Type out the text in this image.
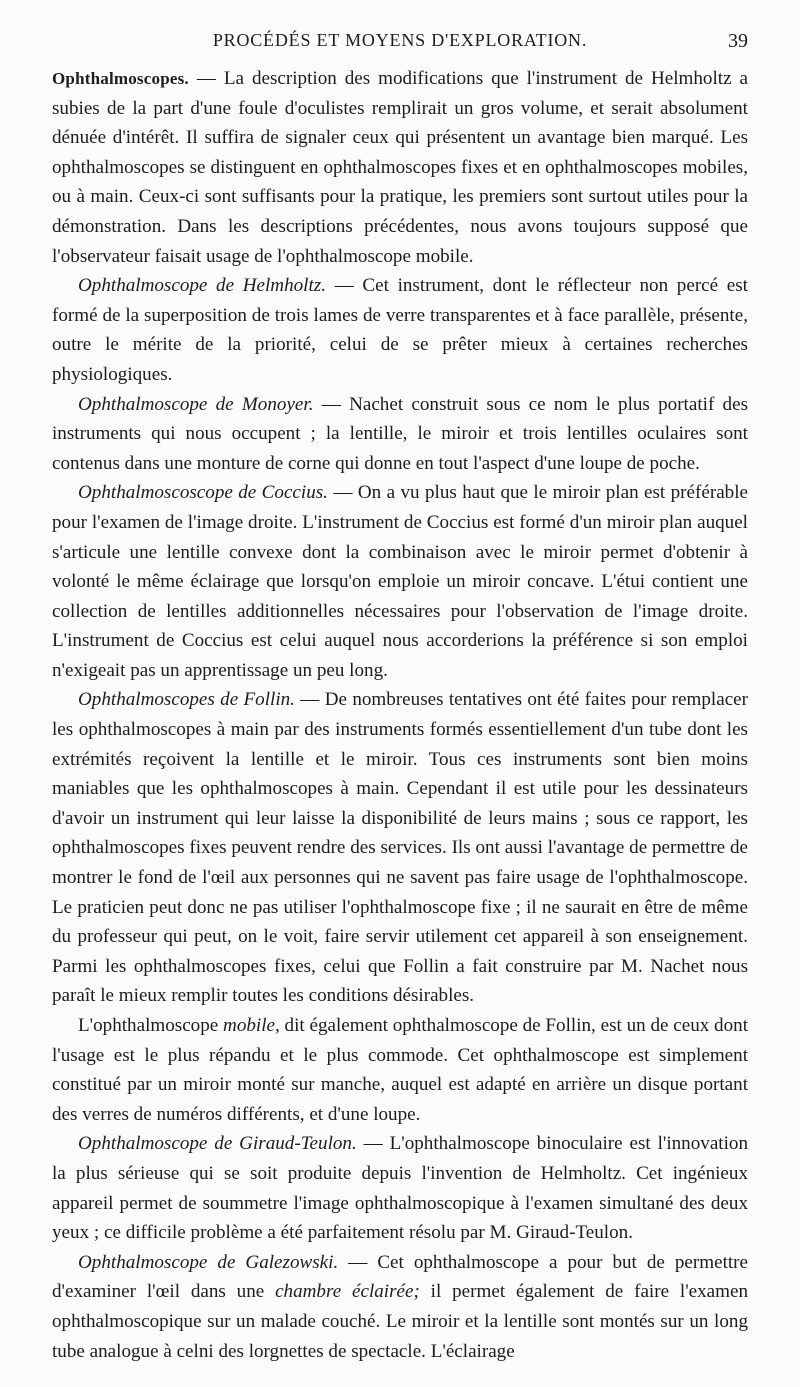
PROCÉDÉS ET MOYENS D'EXPLORATION.	39

Ophthalmoscopes. — La description des modifications que l'instrument de Helmholtz a subies de la part d'une foule d'oculistes remplirait un gros volume, et serait absolument dénuée d'intérêt. Il suffira de signaler ceux qui présentent un avantage bien marqué. Les ophthalmoscopes se distinguent en ophthalmoscopes fixes et en ophthalmoscopes mobiles, ou à main. Ceux-ci sont suffisants pour la pratique, les premiers sont surtout utiles pour la démonstration. Dans les descriptions précédentes, nous avons toujours supposé que l'observateur faisait usage de l'ophthalmoscope mobile.

Ophthalmoscope de Helmholtz. — Cet instrument, dont le réflecteur non percé est formé de la superposition de trois lames de verre transparentes et à face parallèle, présente, outre le mérite de la priorité, celui de se prêter mieux à certaines recherches physiologiques.

Ophthalmoscope de Monoyer. — Nachet construit sous ce nom le plus portatif des instruments qui nous occupent ; la lentille, le miroir et trois lentilles oculaires sont contenus dans une monture de corne qui donne en tout l'aspect d'une loupe de poche.

Ophthalmoscoscope de Coccius. — On a vu plus haut que le miroir plan est préférable pour l'examen de l'image droite. L'instrument de Coccius est formé d'un miroir plan auquel s'articule une lentille convexe dont la combinaison avec le miroir permet d'obtenir à volonté le même éclairage que lorsqu'on emploie un miroir concave. L'étui contient une collection de lentilles additionnelles nécessaires pour l'observation de l'image droite. L'instrument de Coccius est celui auquel nous accorderions la préférence si son emploi n'exigeait pas un apprentissage un peu long.

Ophthalmoscopes de Follin. — De nombreuses tentatives ont été faites pour remplacer les ophthalmoscopes à main par des instruments formés essentiellement d'un tube dont les extrémités reçoivent la lentille et le miroir. Tous ces instruments sont bien moins maniables que les ophthalmoscopes à main. Cependant il est utile pour les dessinateurs d'avoir un instrument qui leur laisse la disponibilité de leurs mains ; sous ce rapport, les ophthalmoscopes fixes peuvent rendre des services. Ils ont aussi l'avantage de permettre de montrer le fond de l'œil aux personnes qui ne savent pas faire usage de l'ophthalmoscope. Le praticien peut donc ne pas utiliser l'ophthalmoscope fixe ; il ne saurait en être de même du professeur qui peut, on le voit, faire servir utilement cet appareil à son enseignement. Parmi les ophthalmoscopes fixes, celui que Follin a fait construire par M. Nachet nous paraît le mieux remplir toutes les conditions désirables.

L'ophthalmoscope mobile, dit également ophthalmoscope de Follin, est un de ceux dont l'usage est le plus répandu et le plus commode. Cet ophthalmoscope est simplement constitué par un miroir monté sur manche, auquel est adapté en arrière un disque portant des verres de numéros différents, et d'une loupe.

Ophthalmoscope de Giraud-Teulon. — L'ophthalmoscope binoculaire est l'innovation la plus sérieuse qui se soit produite depuis l'invention de Helmholtz. Cet ingénieux appareil permet de soummetre l'image ophthalmoscopique à l'examen simultané des deux yeux ; ce difficile problème a été parfaitement résolu par M. Giraud-Teulon.

Ophthalmoscope de Galezowski. — Cet ophthalmoscope a pour but de permettre d'examiner l'œil dans une chambre éclairée; il permet également de faire l'examen ophthalmoscopique sur un malade couché. Le miroir et la lentille sont montés sur un long tube analogue à celni des lorgnettes de spectacle. L'éclairage
